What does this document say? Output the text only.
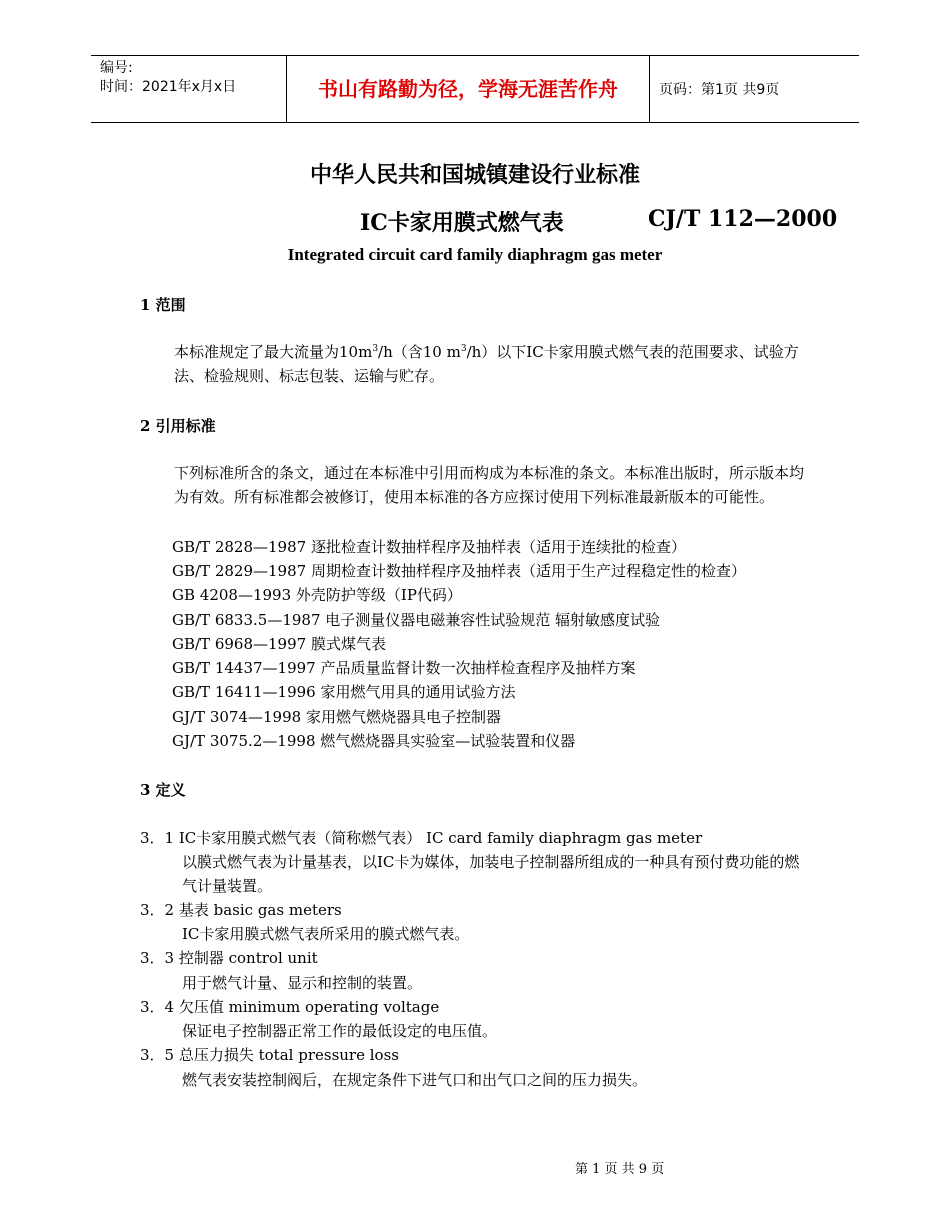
编号:
时间：2021年x月x日	书山有路勤为径，学海无涯苦作舟	页码：第1页 共9页
中华人民共和国城镇建设行业标准
IC卡家用膜式燃气表	CJ/T 112—2000
Integrated circuit card family diaphragm gas meter
1 范围
本标准规定了最大流量为$10m^3/h$（含10 $m^3/h$）以下IC卡家用膜式燃气表的范围要求、试验方法、检验规则、标志包装、运输与贮存。
2 引用标准
下列标准所含的条文，通过在本标准中引用而构成为本标准的条文。本标准出版时，所示版本均为有效。所有标准都会被修订，使用本标准的各方应探讨使用下列标准最新版本的可能性。
GB/T 2828—1987 逐批检查计数抽样程序及抽样表（适用于连续批的检查）
GB/T 2829—1987 周期检查计数抽样程序及抽样表（适用于生产过程稳定性的检查）
GB 4208—1993 外壳防护等级（IP代码）
GB/T 6833.5—1987 电子测量仪器电磁兼容性试验规范 辐射敏感度试验
GB/T 6968—1997 膜式煤气表
GB/T 14437—1997 产品质量监督计数一次抽样检查程序及抽样方案
GB/T 16411—1996 家用燃气用具的通用试验方法
GJ/T 3074—1998 家用燃气燃烧器具电子控制器
GJ/T 3075.2—1998 燃气燃烧器具实验室—试验装置和仪器
3 定义
3．1 IC卡家用膜式燃气表（简称燃气表） IC card family diaphragm gas meter
以膜式燃气表为计量基表，以IC卡为媒体，加装电子控制器所组成的一种具有预付费功能的燃气计量装置。
3．2 基表 basic gas meters
IC卡家用膜式燃气表所采用的膜式燃气表。
3．3 控制器 control unit
用于燃气计量、显示和控制的装置。
3．4 欠压值 minimum operating voltage
保证电子控制器正常工作的最低设定的电压值。
3．5 总压力损失 total pressure loss
燃气表安装控制阀后，在规定条件下进气口和出气口之间的压力损失。
第 1 页 共 9 页
